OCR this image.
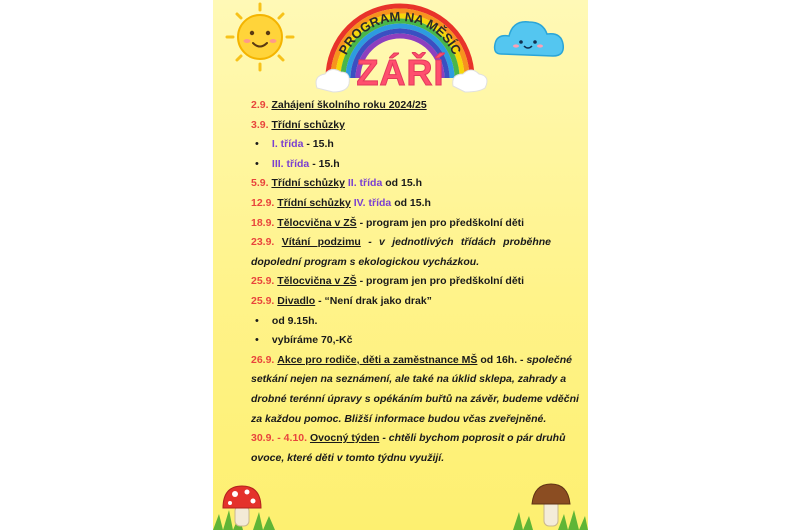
PROGRAM NA MĚSÍC
ZÁŘÍ
2.9. Zahájení školního roku 2024/25
3.9. Třídní schůzky
• I. třída - 15.h
• III. třída - 15.h
5.9. Třídní schůzky II. třída od 15.h
12.9. Třídní schůzky IV. třída od 15.h
18.9. Tělocvična v ZŠ - program jen pro předškolní děti
23.9. Vítání podzimu - v jednotlivých třídách proběhne
dopolední program s ekologickou vycházkou.
25.9. Tělocvična v ZŠ - program jen pro předškolní děti
25.9. Divadlo - “Není drak jako drak”
• od 9.15h.
• vybíráme 70,-Kč
26.9. Akce pro rodiče, děti a zaměstnance MŠ od 16h. - společné
setkání nejen na seznámení, ale také na úklid sklepa, zahrady a
drobné terénní úpravy s opékáním buřtů na závěr, budeme vděčni
za každou pomoc. Bližší informace budou včas zveřejněné.
30.9. - 4.10. Ovocný týden - chtěli bychom poprosit o pár druhů
ovoce, které děti v tomto týdnu využijí.
